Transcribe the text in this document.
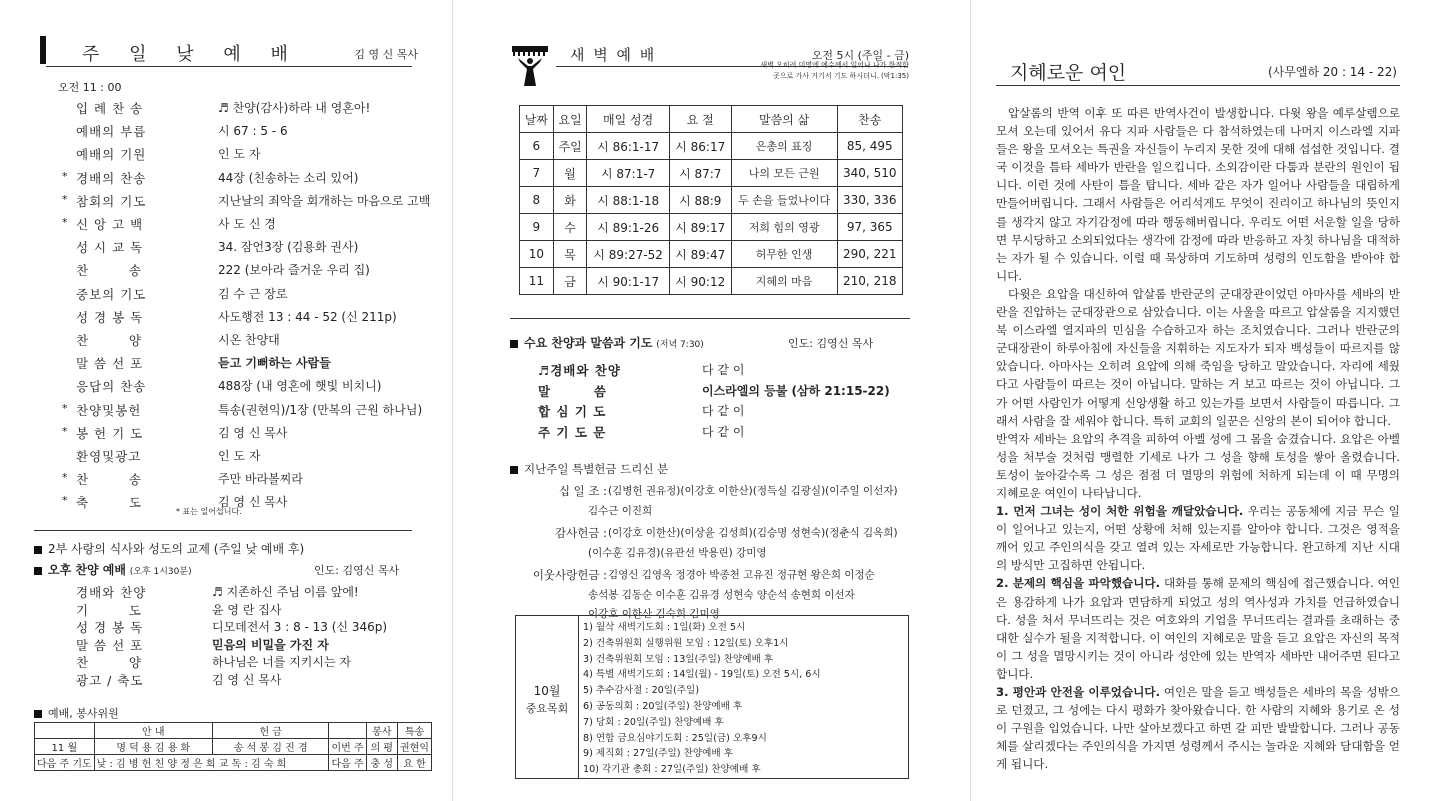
주 일 낮 예 배	김 영 신 목사
오전 11 : 00
입 례 찬 송	♬ 찬양(감사)하라 내 영혼아!
예배의 부름	시 67 : 5 - 6
예배의 기원	인 도 자
* 경배의 찬송	44장 (친송하는 소리 있어)
* 참회의 기도	지난날의 죄악을 회개하는 마음으로 고백
* 신 앙 고 백	사 도 신 경
성 시 교 독	34. 잠언3장 (김용화 권사)
찬        송	222 (보아라 즐거운 우리 집)
중보의 기도	김 수 근 장로
성 경 봉 독	사도행전 13 : 44 - 52 (신 211p)
찬        양	시온 찬양대
말 씀 선 포	듣고 기뻐하는 사람들
응답의 찬송	488장 (내 영혼에 햇빛 비치니)
* 찬양및봉헌	특송(권현익)/1장 (만복의 근원 하나님)
* 봉 헌 기 도	김 영 신 목사
환영및광고	인 도 자
* 찬        송	주만 바라볼찌라
* 축        도	김 영 신 목사
* 표는 일어섭니다.
2부 사랑의 식사와 성도의 교제 (주일 낮 예배 후)
오후 찬양 예배 (오후 1시30분)	인도: 김영신 목사
경배와 찬양	♬ 지존하신 주님 이름 앞에!
기        도	윤 영 란 집사
성 경 봉 독	디모데전서 3 : 8 - 13 (신 346p)
말 씀 선 포	믿음의 비밀을 가진 자
찬        양	하나님은 너를 지키시는 자
광고 / 축도	김 영 신 목사
예배, 봉사위원
	안 내	헌 금		봉사	특송
11 월	명 덕 용 김 용 화	송 석 봉 김 진 경	이번 주	의 평	권현익
다음 주 기도	낮 : 김 병 헌 친 양 정 은 희 교 독 : 김 숙 희		다음 주	충 성	요 한
새 벽 예 배	오전 5시 (주일 - 금)
새벽 오히려 미명에 예수께서 일어나 나가 한적한
곳으로 가사 거기서 기도 하시더니. (막1:35)
날짜	요일	매일 성경	요 절	말씀의 삶	찬송
6	주일	시 86:1-17	시 86:17	은총의 표징	85, 495
7	월	시 87:1-7	시 87:7	나의 모든 근원	340, 510
8	화	시 88:1-18	시 88:9	두 손을 들었나이다	330, 336
9	수	시 89:1-26	시 89:17	저희 힘의 영광	97, 365
10	목	시 89:27-52	시 89:47	허무한 인생	290, 221
11	금	시 90:1-17	시 90:12	지혜의 마음	210, 218
수요 찬양과 말씀과 기도 (저녁 7:30)	인도: 김영신 목사
♬경배와 찬양	다 같 이
말        씀	이스라엘의 등불 (삼하 21:15-22)
합 심 기 도	다 같 이
주 기 도 문	다 같 이
지난주일 특별헌금 드리신 분
십 일 조 : (김병헌 권유정)(이강호 이한산)(정득실 김광실)(이주일 이선자)
김수근 이진희
감사헌금 : (이강호 이한산)(이상윤 김성희)(김승명 성현숙)(정춘식 김옥희)
(이수훈 김유경)(유관선 박용린) 강미영
이웃사랑헌금 : 김영신 김영옥 정경아 박종천 고유진 정규현 왕은희 이정순
송석봉 김동순 이수훈 김유경 성현숙 양순석 송현희 이선자
이강호 이한산 김숙희 김미영
10월
중요목회
1) 월삭 새벽기도회 : 1일(화) 오전 5시
2) 건축위원회 실행위원 모임 : 12일(토) 오후1시
3) 건축위원회 모임 : 13일(주일) 찬양예배 후
4) 특별 새벽기도회 : 14일(월) - 19일(토) 오전 5시, 6시
5) 추수감사절 : 20일(주일)
6) 공동의회 : 20일(주일) 찬양예배 후
7) 당회 : 20일(주일) 찬양예배 후
8) 연합 금요심야기도회 : 25일(금) 오후9시
9) 제직회 : 27일(주일) 찬양예배 후
10) 각기관 총회 : 27일(주일) 찬양예배 후
지혜로운 여인	(사무엘하 20 : 14 - 22)

압살롬의 반역 이후 또 따른 반역사건이 발생합니다. 다윗 왕을 예루살렘으로 모셔 오는데 있어서 유다 지파 사람들은 다 참석하였는데 나머지 이스라엘 지파들은 왕을 모셔오는 특권을 자신들이 누리지 못한 것에 대해 섭섭한 것입니다. 결국 이것을 틈타 세바가 반란을 일으킵니다. 소외감이란 다툼과 분란의 원인이 됩니다. 이런 것에 사탄이 틈을 탑니다. 세바 같은 자가 일어나 사람들을 대립하게 만들어버립니다. 그래서 사람들은 어리석게도 무엇이 진리이고 하나님의 뜻인지를 생각지 않고 자기감정에 따라 행동해버립니다. 우리도 어떤 서운할 일을 당하면 무시당하고 소외되었다는 생각에 감정에 따라 반응하고 자칫 하나님을 대적하는 자가 될 수 있습니다. 이럴 때 묵상하며 기도하며 성령의 인도함을 받아야 합니다.

다윗은 요압을 대신하여 압살롬 반란군의 군대장관이었던 아마사를 세바의 반란을 진압하는 군대장관으로 삼았습니다. 이는 사울을 따르고 압살롬을 지지했던 북 이스라엘 열지파의 민심을 수습하고자 하는 조치였습니다. 그러나 반란군의 군대장관이 하루아침에 자신들을 지휘하는 지도자가 되자 백성들이 따르지를 않았습니다. 아마사는 오히려 요압에 의해 죽임을 당하고 말았습니다. 자리에 세웠다고 사람들이 따르는 것이 아닙니다. 말하는 거 보고 따르는 것이 아닙니다. 그가 어떤 사람인가 어떻게 신앙생활 하고 있는가를 보면서 사람들이 따릅니다. 그래서 사람을 잘 세워야 합니다. 특히 교회의 일꾼은 신앙의 본이 되어야 합니다.

반역자 세바는 요압의 추격을 피하여 아벨 성에 그 몸을 숨겼습니다. 요압은 아벨 성을 처부술 것처럼 맹렬한 기세로 나가 그 성을 향해 토성을 쌓아 올렸습니다. 토성이 높아갈수록 그 성은 점점 더 멸망의 위험에 처하게 되는데 이 때 무명의 지혜로운 여인이 나타납니다.

1. 먼저 그녀는 성이 처한 위험을 깨달았습니다. 우리는 공동체에 지금 무슨 일이 일어나고 있는지, 어떤 상황에 처해 있는지를 알아야 합니다. 그것은 영적을 깨어 있고 주인의식을 갖고 열려 있는 자세로만 가능합니다. 완고하게 지난 시대의 방식만 고집하면 안됩니다.

2. 분제의 핵심을 파악했습니다. 대화를 통해 문제의 핵심에 접근했습니다. 여인은 용감하게 나가 요압과 면담하게 되었고 성의 역사성과 가치를 언급하였습니다. 성을 처서 무너뜨리는 것은 여호와의 기업을 무너뜨리는 결과를 초래하는 중대한 실수가 될을 지적합니다. 이 여인의 지혜로운 말을 듣고 요압은 자신의 목적이 그 성을 멸망시키는 것이 아니라 성안에 있는 반역자 세바만 내어주면 된다고 합니다.

3. 평안과 안전을 이루었습니다. 여인은 말을 듣고 백성들은 세바의 목을 성밖으로 던졌고, 그 성에는 다시 평화가 찾아왔습니다. 한 사람의 지혜와 용기로 온 성이 구원을 입었습니다. 나만 살아보겠다고 하면 갈 피만 발발합니다. 그러나 공동체를 살리겠다는 주인의식을 가지면 성령께서 주시는 놀라운 지혜와 담대함을 얻게 됩니다.
